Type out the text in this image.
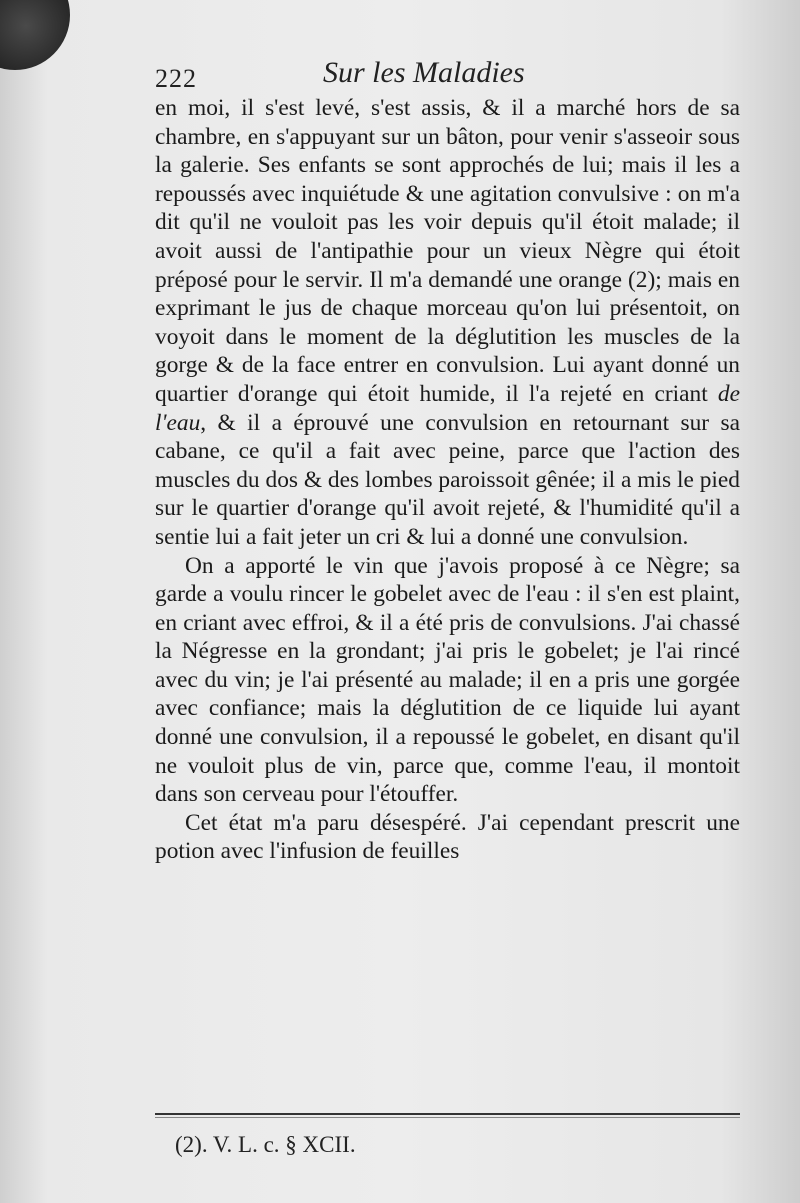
222	Sur les Maladies

en moi, il s'est levé, s'est assis, & il a marché hors de sa chambre, en s'appuyant sur un bâton, pour venir s'asseoir sous la galerie. Ses enfants se sont approchés de lui; mais il les a repoussés avec inquiétude & une agitation convulsive : on m'a dit qu'il ne vouloit pas les voir depuis qu'il étoit malade; il avoit aussi de l'antipathie pour un vieux Nègre qui étoit préposé pour le servir. Il m'a demandé une orange (2); mais en exprimant le jus de chaque morceau qu'on lui présentoit, on voyoit dans le moment de la déglutition les muscles de la gorge & de la face entrer en convulsion. Lui ayant donné un quartier d'orange qui étoit humide, il l'a rejeté en criant de l'eau, & il a éprouvé une convulsion en retournant sur sa cabane, ce qu'il a fait avec peine, parce que l'action des muscles du dos & des lombes paroissoit gênée; il a mis le pied sur le quartier d'orange qu'il avoit rejeté, & l'humidité qu'il a sentie lui a fait jeter un cri & lui a donné une convulsion.

On a apporté le vin que j'avois proposé à ce Nègre; sa garde a voulu rincer le gobelet avec de l'eau : il s'en est plaint, en criant avec effroi, & il a été pris de convulsions. J'ai chassé la Négresse en la grondant; j'ai pris le gobelet; je l'ai rincé avec du vin; je l'ai présenté au malade; il en a pris une gorgée avec confiance; mais la déglutition de ce liquide lui ayant donné une convulsion, il a repoussé le gobelet, en disant qu'il ne vouloit plus de vin, parce que, comme l'eau, il montoit dans son cerveau pour l'étouffer.

Cet état m'a paru désespéré. J'ai cependant prescrit une potion avec l'infusion de feuilles

(2). V. L. c. § XCII.
